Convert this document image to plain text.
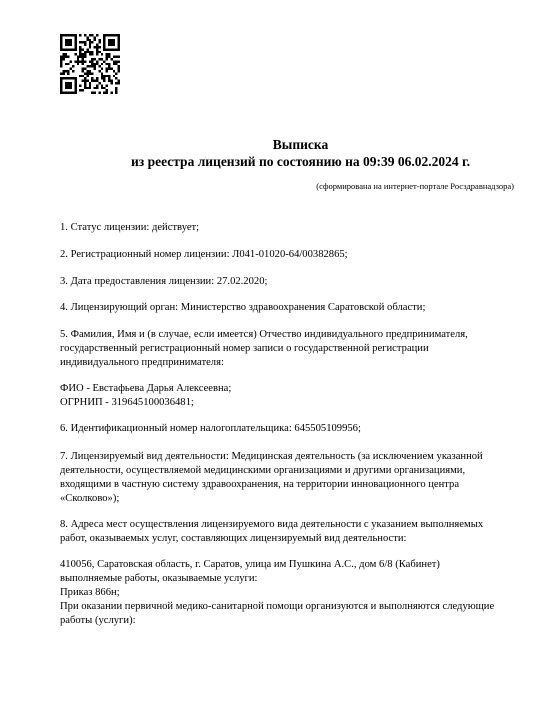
Выписка
из реестра лицензий по состоянию на 09:39 06.02.2024 г.
(сформирована на интернет-портале Росздравнадзора)
1. Статус лицензии: действует;
2. Регистрационный номер лицензии: Л041-01020-64/00382865;
3. Дата предоставления лицензии: 27.02.2020;
4. Лицензирующий орган: Министерство здравоохранения Саратовской области;
5. Фамилия, Имя и (в случае, если имеется) Отчество индивидуального предпринимателя,
государственный регистрационный номер записи о государственной регистрации
индивидуального предпринимателя:
ФИО - Евстафьева Дарья Алексеевна;
ОГРНИП - 319645100036481;
6. Идентификационный номер налогоплательщика: 645505109956;
7. Лицензируемый вид деятельности: Медицинская деятельность (за исключением указанной
деятельности, осуществляемой медицинскими организациями и другими организациями,
входящими в частную систему здравоохранения, на территории инновационного центра
«Сколково»);
8. Адреса мест осуществления лицензируемого вида деятельности с указанием выполняемых
работ, оказываемых услуг, составляющих лицензируемый вид деятельности:
410056, Саратовская область, г. Саратов, улица им Пушкина А.С., дом 6/8 (Кабинет)
выполняемые работы, оказываемые услуги:
Приказ 866н;
При оказании первичной медико-санитарной помощи организуются и выполняются следующие
работы (услуги):
